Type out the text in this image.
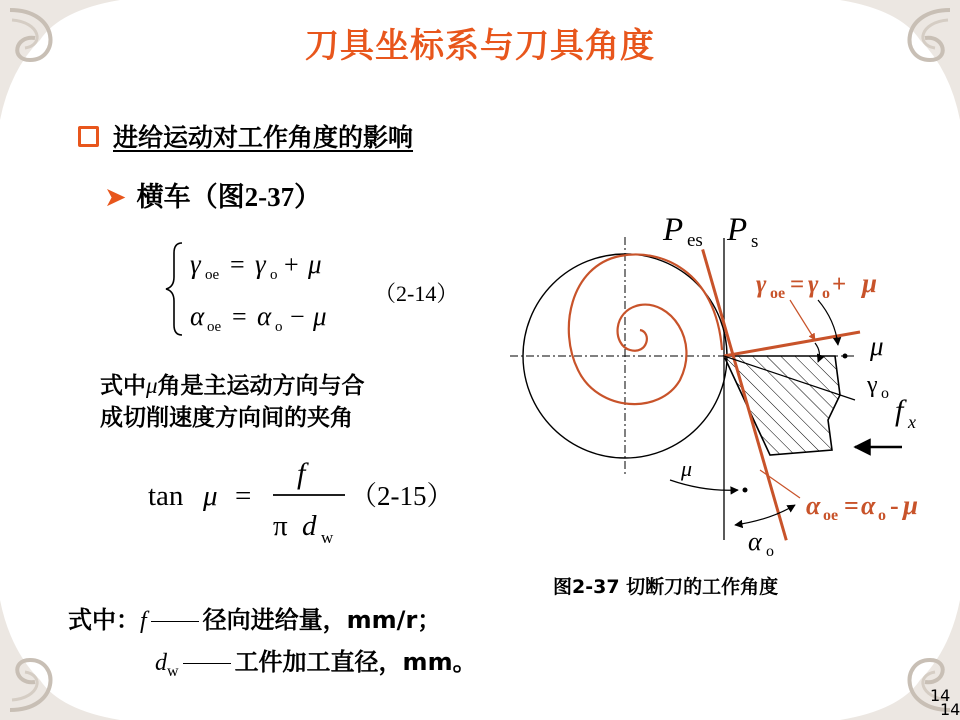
刀具坐标系与刀具角度
进给运动对工作角度的影响
➤ 横车（图2-37）
γ oe = γ o + μ
α oe = α o − μ
（2-14）
式中μ角是主运动方向与合
成切削速度方向间的夹角
tan μ =
f
π d w
（2-15）
P es P s
γ oe = γ o + μ
μ
γ o
f x
μ
α oe = α o - μ
α o
图2-37 切断刀的工作角度
式中：f 径向进给量，mm/r；
$d_w$ 工件加工直径，mm。
14
14
